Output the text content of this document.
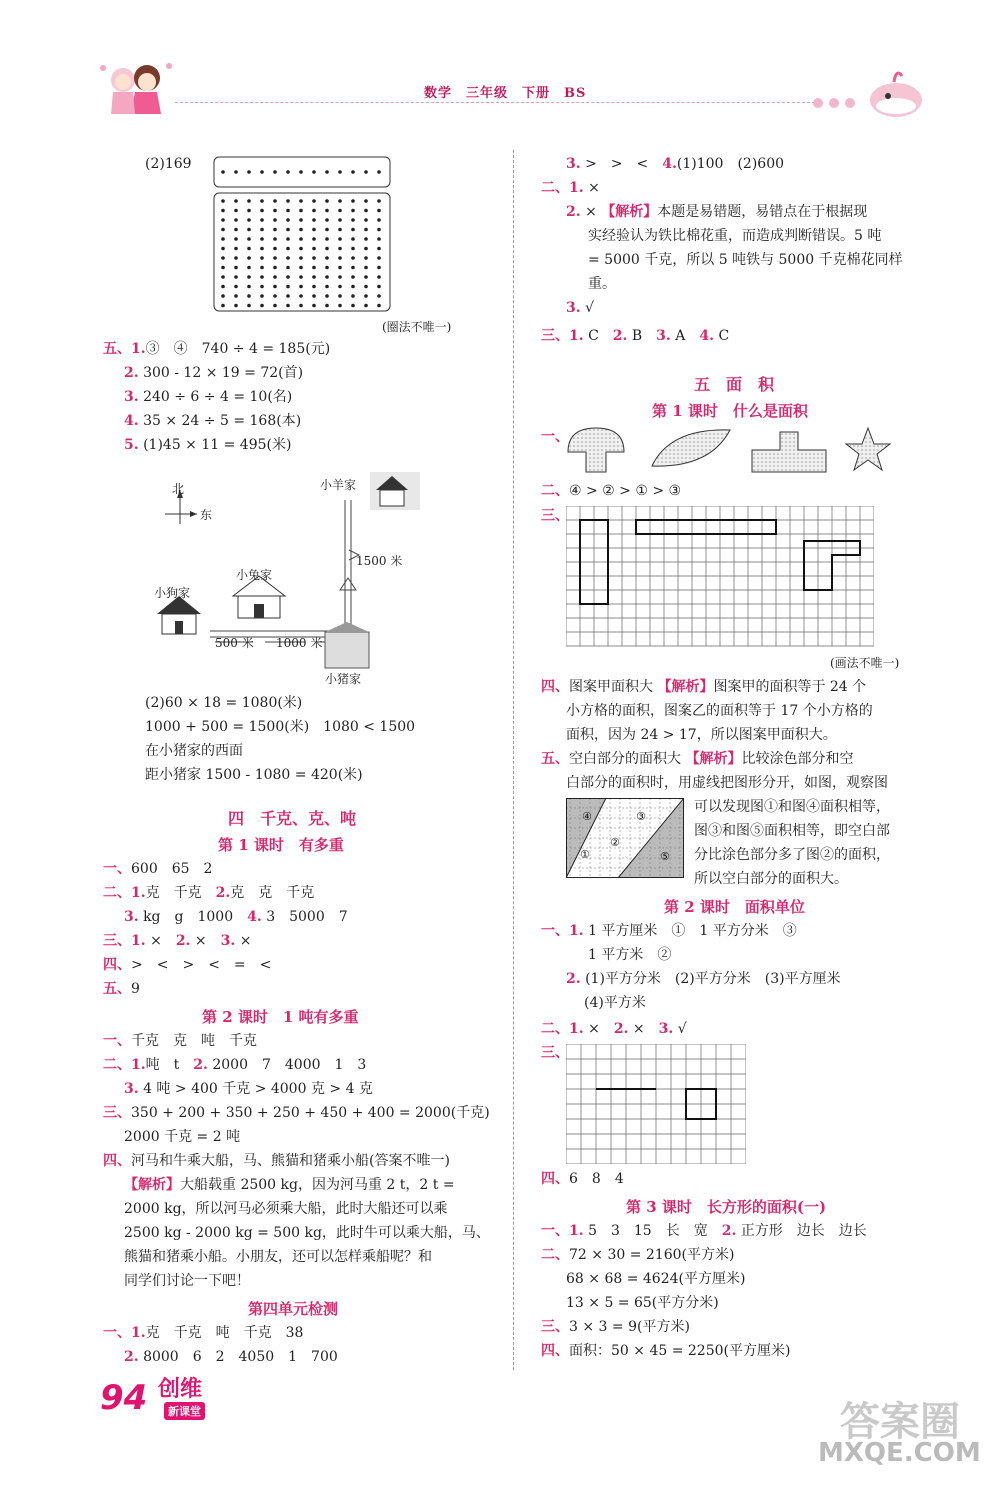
数学　三年级　下册　BS
(2)169
(圈法不唯一)
五、1.③　④　740 ÷ 4 = 185(元)
2. 300 - 12 × 19 = 72(首)
3. 240 ÷ 6 ÷ 4 = 10(名)
4. 35 × 24 ÷ 5 = 168(本)
5. (1)45 × 11 = 495(米)
北
东
小羊家
小兔家
小狗家
小猪家
1500 米
500 米 1000 米
(2)60 × 18 = 1080(米)
1000 + 500 = 1500(米)　1080 < 1500
在小猪家的西面
距小猪家 1500 - 1080 = 420(米)
四　千克、克、吨
第 1 课时　有多重
一、600　65　2
二、1.克　千克　 2.克　克　千克
3. kg　g　1000　 4. 3　5000　7
三、1. ×　 2. ×　 3. ×
四、>　<　>　<　=　<
五、9
第 2 课时　1 吨有多重
一、千克　克　吨　千克
二、1.吨　t　 2. 2000　7　4000　1　3
3. 4 吨 > 400 千克 > 4000 克 > 4 克
三、350 + 200 + 350 + 250 + 450 + 400 = 2000(千克)
2000 千克 = 2 吨
四、河马和牛乘大船，马、熊猫和猪乘小船(答案不唯一)
【解析】大船载重 2500 kg，因为河马重 2 t，2 t =
2000 kg，所以河马必须乘大船，此时大船还可以乘
2500 kg - 2000 kg = 500 kg，此时牛可以乘大船，马、
熊猫和猪乘小船。小朋友，还可以怎样乘船呢？和
同学们讨论一下吧！
第四单元检测
一、1.克　千克　吨　千克　38
2. 8000　6　2　4050　1　700
3. >　>　<　 4.(1)100　(2)600
二、1. ×
2. × 【解析】本题是易错题，易错点在于根据现
实经验认为铁比棉花重，而造成判断错误。5 吨
= 5000 千克，所以 5 吨铁与 5000 千克棉花同样
重。
3. √
三、1. C　 2. B　 3. A　 4. C
五　面　积
第 1 课时　什么是面积
一、
二、④ > ② > ① > ③
三、
(画法不唯一)
四、图案甲面积大 【解析】图案甲的面积等于 24 个
小方格的面积，图案乙的面积等于 17 个小方格的
面积，因为 24 > 17，所以图案甲面积大。
五、空白部分的面积大 【解析】比较涂色部分和空
白部分的面积时，用虚线把图形分开，如图，观察图
④	③
②
①	⑤
可以发现图①和图④面积相等，
图③和图⑤面积相等，即空白部
分比涂色部分多了图②的面积，
所以空白部分的面积大。
第 2 课时　面积单位
一、1. 1 平方厘米　①　1 平方分米　③
1 平方米　②
2. (1)平方分米　(2)平方分米　(3)平方厘米
(4)平方米
二、1. ×　 2. ×　 3. √
三、
四、6　8　4
第 3 课时　长方形的面积(一)
一、1. 5　3　15　长　宽　 2. 正方形　边长　边长
二、72 × 30 = 2160(平方米)
68 × 68 = 4624(平方厘米)
13 × 5 = 65(平方分米)
三、3 × 3 = 9(平方米)
四、面积：50 × 45 = 2250(平方厘米)
94 创维
新课堂	答案圈
MXQE.COM
